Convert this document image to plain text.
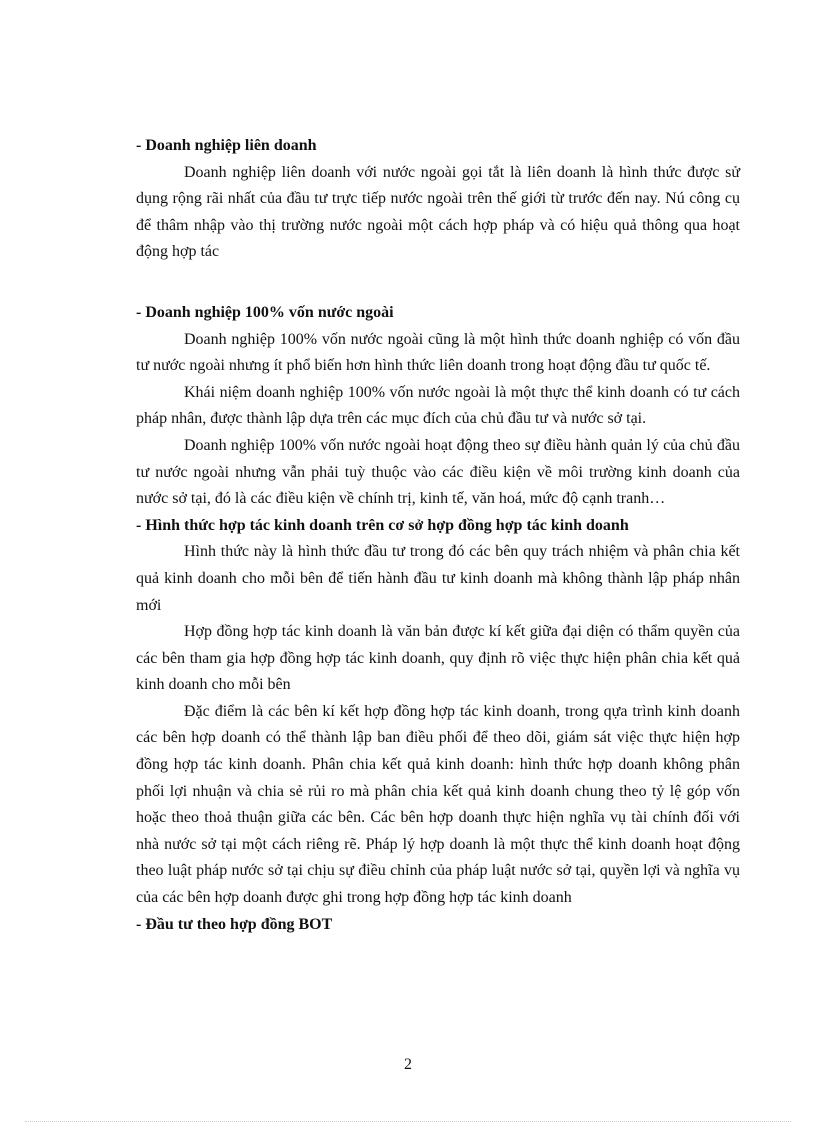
- Doanh nghiệp liên doanh

Doanh nghiệp liên doanh với nước ngoài gọi tắt là liên doanh là hình thức được sử dụng rộng rãi nhất của đầu tư trực tiếp nước ngoài trên thế giới từ trước đến nay. Nú công cụ để thâm nhập vào thị trường nước ngoài một cách hợp pháp và có hiệu quả thông qua hoạt động hợp tác

- Doanh nghiệp 100% vốn nước ngoài

Doanh nghiệp 100% vốn nước ngoài cũng là một hình thức doanh nghiệp có vốn đầu tư nước ngoài nhưng ít phổ biến hơn hình thức liên doanh trong hoạt động đầu tư quốc tế.

Khái niệm doanh nghiệp 100% vốn nước ngoài là một thực thể kinh doanh có tư cách pháp nhân, được thành lập dựa trên các mục đích của chủ đầu tư và nước sở tại.

Doanh nghiệp 100% vốn nước ngoài hoạt động theo sự điều hành quản lý của chủ đầu tư nước ngoài nhưng vẫn phải tuỳ thuộc vào các điều kiện về môi trường kinh doanh của nước sở tại, đó là các điều kiện về chính trị, kinh tế, văn hoá, mức độ cạnh tranh…

- Hình thức hợp tác kinh doanh trên cơ sở hợp đồng hợp tác kinh doanh

Hình thức này là hình thức đầu tư trong đó các bên quy trách nhiệm và phân chia kết quả kinh doanh cho mỗi bên để tiến hành đầu tư kinh doanh mà không thành lập pháp nhân mới

Hợp đồng hợp tác kinh doanh là văn bản được kí kết giữa đại diện có thẩm quyền của các bên tham gia hợp đồng hợp tác kinh doanh, quy định rõ việc thực hiện phân chia kết quả kinh doanh cho mỗi bên

Đặc điểm là các bên kí kết hợp đồng hợp tác kinh doanh, trong qựa trình kinh doanh các bên hợp doanh có thể thành lập ban điều phối để theo dõi, giám sát việc thực hiện hợp đồng hợp tác kinh doanh. Phân chia kết quả kinh doanh: hình thức hợp doanh không phân phối lợi nhuận và chia sẻ rủi ro mà phân chia kết quả kinh doanh chung theo tỷ lệ góp vốn hoặc theo thoả thuận giữa các bên. Các bên hợp doanh thực hiện nghĩa vụ tài chính đối với nhà nước sở tại một cách riêng rẽ. Pháp lý hợp doanh là một thực thể kinh doanh hoạt động theo luật pháp nước sở tại chịu sự điều chỉnh của pháp luật nước sở tại, quyền lợi và nghĩa vụ của các bên hợp doanh được ghi trong hợp đồng hợp tác kinh doanh

- Đầu tư theo hợp đồng BOT

2
